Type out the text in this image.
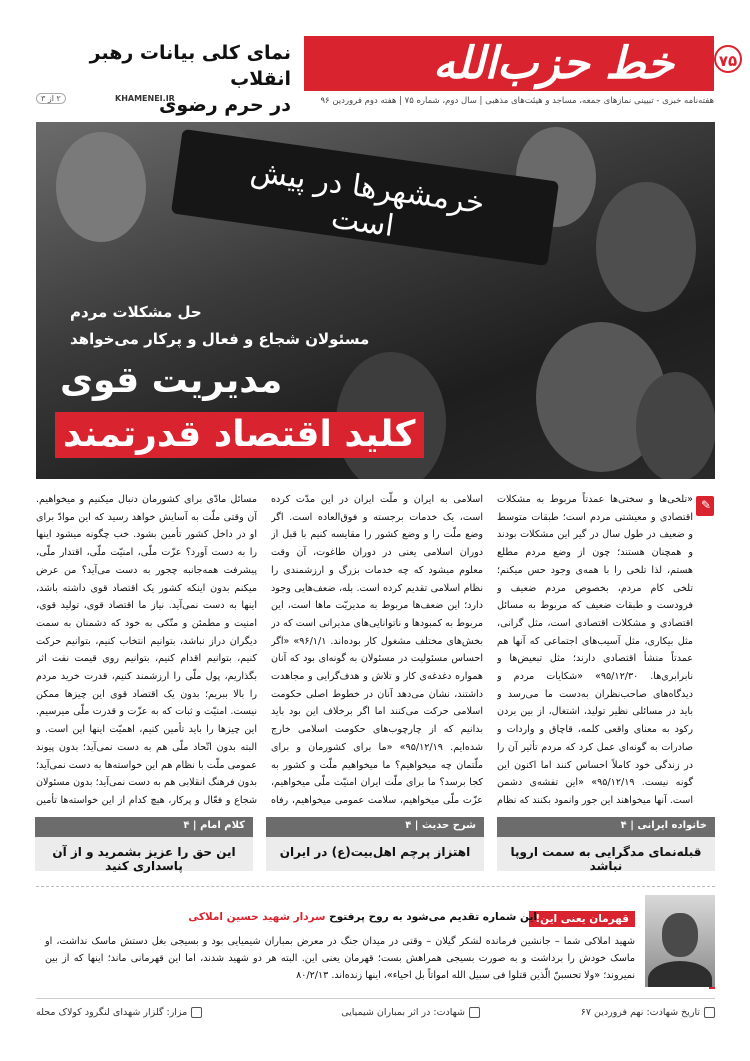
خط حزب‌الله	۷۵
هفته‌نامه خبری - تبیینی نمازهای جمعه، مساجد و هیئت‌های مذهبی | سال دوم، شماره ۷۵ | هفته دوم فروردین ۹۶
نمای کلی بیانات رهبر انقلاب
در حرم رضوی
KHAMENEI.IR
۲ از ۳
خرمشهرها در پیش است
حل مشکلات مردم
مسئولان شجاع و فعال و پرکار می‌خواهد
مدیریت قوی
کلید اقتصاد قدرتمند
✎
«تلخی‌ها و سختی‌ها عمدتاً مربوط به مشکلات اقتصادی و معیشتی مردم است؛ طبقات متوسط و ضعیف در طول سال در گیر این مشکلات بودند و همچنان هستند؛ چون از وضع مردم مطلع هستم، لذا تلخی را با همه‌ی وجود حس میکنم؛ تلخی کام مردم، بخصوص مردم ضعیف و فرودست و طبقات ضعیف که مربوط به مسائل اقتصادی و مشکلات اقتصادی است، مثل گرانی، مثل بیکاری، مثل آسیب‌های اجتماعی که آنها هم عمدتاً منشأ اقتصادی دارند؛ مثل تبعیض‌ها و نابرابری‌ها. ۹۵/۱۲/۳۰» «شکایات مردم و دیدگاه‌های صاحب‌نظران به‌دست ما می‌رسد و باید در مسائلی نظیر تولید، اشتغال، از بین بردن رکود به معنای واقعی کلمه، قاچاق و واردات و صادرات به گونه‌ای عمل کرد که مردم تأثیر آن را در زندگی خود کاملاً احساس کنند اما اکنون این گونه نیست. ۹۵/۱۲/۱۹» «این تفشه‌ی دشمن است. آنها میخواهند این جور وانمود بکنند که نظام
اسلامی به ایران و ملّت ایران در این مدّت کرده است، یک خدمات برجسته و فوق‌العاده است. اگر وضع ملّت را و وضع کشور را مقایسه کنیم با قبل از دوران اسلامی یعنی در دوران طاغوت، آن وقت معلوم میشود که چه خدمات بزرگ و ارزشمندی را نظام اسلامی تقدیم کرده است. بله، ضعف‌هایی وجود دارد؛ این ضعف‌ها مربوط به مدیریّت ماها است، این مربوط به کمبودها و ناتوانایی‌های مدیرانی است که در بخش‌های مختلف مشغول کار بوده‌اند. ۹۶/۱/۱» «اگر احساس مسئولیت در مسئولان به گونه‌ای بود که آنان همواره دغدغه‌ی کار و تلاش و هدف‌گرایی و مجاهدت داشتند، نشان می‌دهد آنان در خطوط اصلی حکومت اسلامی حرکت می‌کنند اما اگر برخلاف این بود باید بدانیم که از چارچوب‌های حکومت اسلامی خارج شده‌ایم. ۹۵/۱۲/۱۹» «ما برای کشورمان و برای ملّتمان چه میخواهیم؟ ما میخواهیم ملّت و کشور به کجا برسد؟ ما برای ملّت ایران امنیّت ملّی میخواهیم، عزّت ملّی میخواهیم، سلامت عمومی میخواهیم، رفاه
مسائل مادّی برای کشورمان دنبال میکنیم و میخواهیم. آن وقتی ملّت به آسایش خواهد رسید که این موادّ برای او در داخل کشور تأمین بشود. خب چگونه میشود اینها را به دست آورد؟ عزّت ملّی، امنیّت ملّی، اقتدار ملّی، پیشرفت همه‌جانبه چجور به دست می‌آید؟ من عرض میکنم بدون اینکه کشور یک اقتصاد قوی داشته باشد، اینها به دست نمی‌آید. نیاز ما اقتصاد قوی، تولید قوی، امنیت و مطمئن و متّکی به خود که دشمنان به سمت دیگران دراز نباشد، بتوانیم انتخاب کنیم، بتوانیم حرکت کنیم، بتوانیم اقدام کنیم، بتوانیم روی قیمت نفت اثر بگذاریم، پول ملّی را ارزشمند کنیم، قدرت خرید مردم را بالا ببریم؛ بدون یک اقتصاد قوی این چیزها ممکن نیست. امنیّت و ثبات که به عزّت و قدرت ملّی میرسیم. این چیزها را باید تأمین کنیم، اهمیّت اینها این است. و البته بدون اتّحاد ملّی هم به دست نمی‌آید؛ بدون پیوند عمومی ملّت با نظام هم این خواسته‌ها به دست نمی‌آید؛ بدون فرهنگ انقلابی هم به دست نمی‌آید؛ بدون مسئولان شجاع و فعّال و پرکار، هیچ کدام از این خواسته‌ها تأمین
خانواده ایرانی | ۴
قبله‌نمای مدگرایی به سمت اروپا نباشد
شرح حدیث | ۴
اهتزاز پرچم اهل‌بیت(ع) در ایران
کلام امام | ۴
این حق را عزیز بشمرید و از آن پاسداری کنید
قهرمان یعنی این!
این شماره تقدیم می‌شود به روح پرفتوح سردار شهید حسین املاکی
شهید املاکی شما – جانشین فرمانده لشکر گیلان – وقتی در میدان جنگ در معرض بمباران شیمیایی بود و بسیجی بغل دستش ماسک نداشت، او ماسک خودش را برداشت و به صورت بسیجی همراهش بست؛ قهرمان یعنی این. البته هر دو شهید شدند، اما این قهرمانی ماند؛ اینها که از بین نمیروند؛ «ولا تحسبنّ الّذین قتلوا فی سبیل الله امواتاً بل احیاء»، اینها زنده‌اند. ۸۰/۲/۱۳
تاریخ شهادت: نهم فروردین ۶۷
شهادت: در اثر بمباران شیمیایی
مزار: گلزار شهدای لنگرود کولاک محله
